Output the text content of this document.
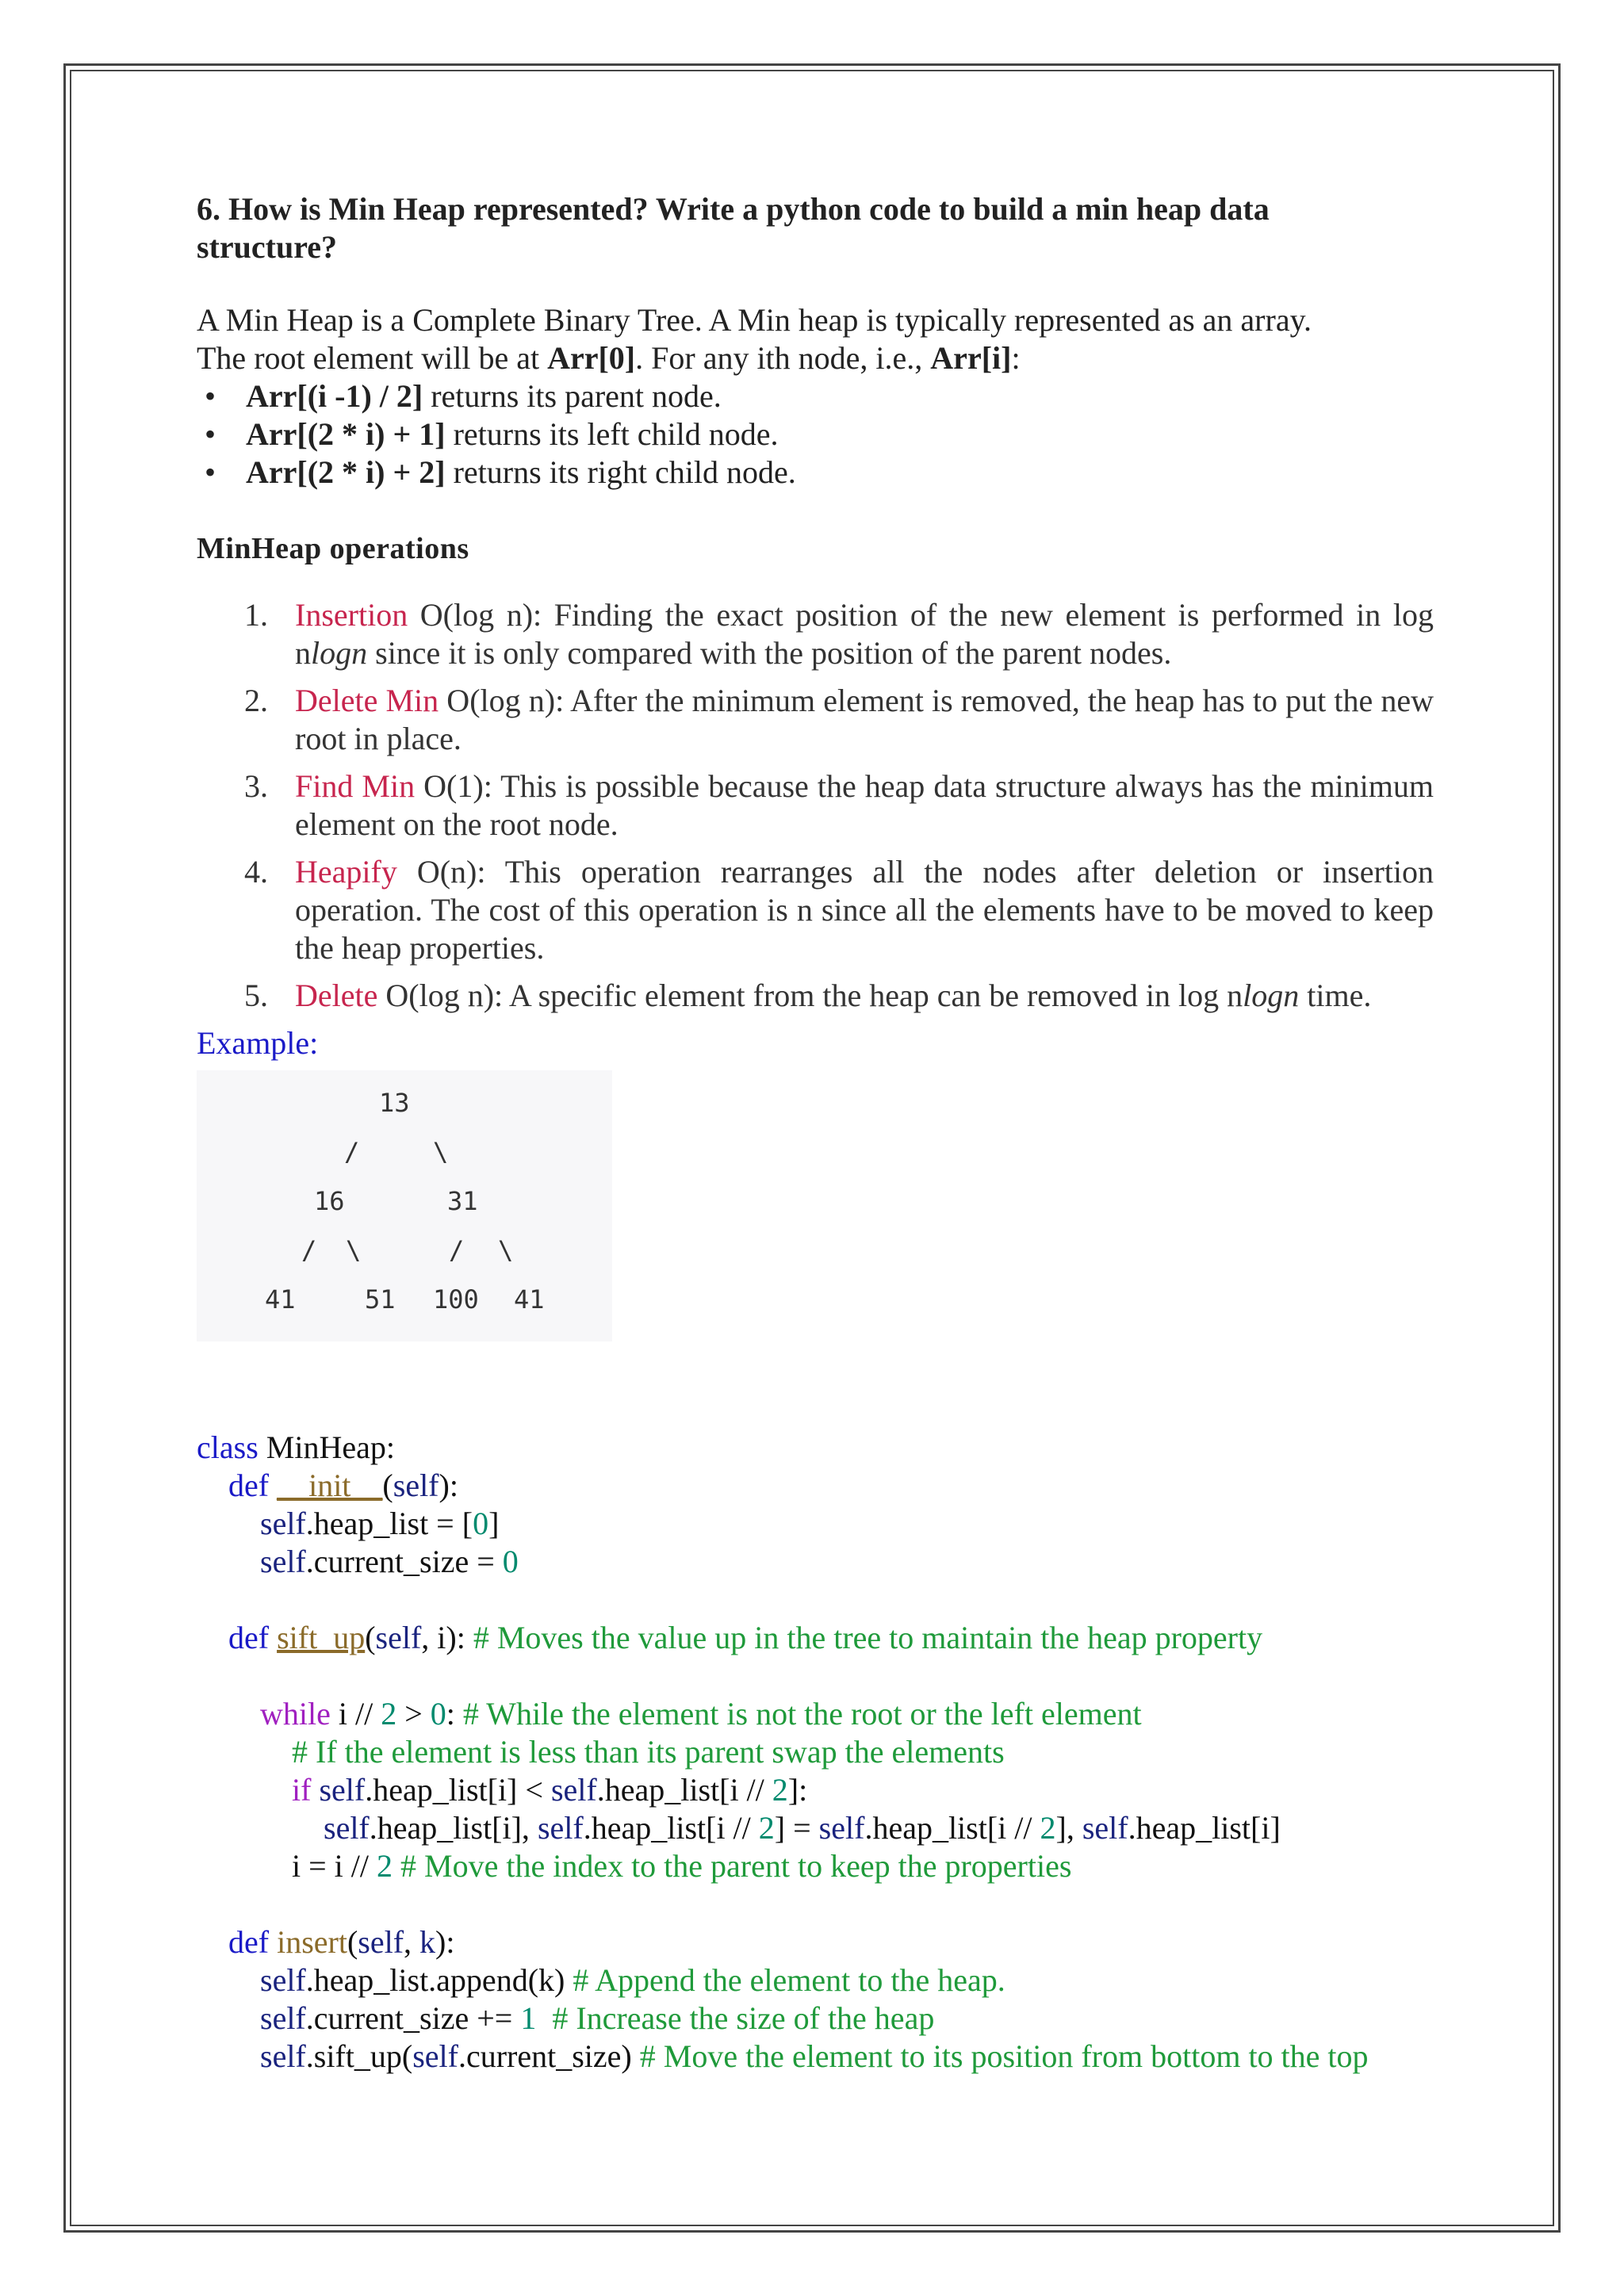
6. How is Min Heap represented? Write a python code to build a min heap data
structure?

A Min Heap is a Complete Binary Tree. A Min heap is typically represented as an array.
The root element will be at Arr[0]. For any ith node, i.e., Arr[i]:

• Arr[(i -1) / 2] returns its parent node.
• Arr[(2 * i) + 1] returns its left child node.
• Arr[(2 * i) + 2] returns its right child node.
MinHeap operations
1. Insertion O(log n): Finding the exact position of the new element is performed in log nlogn since it is only compared with the position of the parent nodes.
2. Delete Min O(log n): After the minimum element is removed, the heap has to put the new root in place.
3. Find Min O(1): This is possible because the heap data structure always has the minimum element on the root node.
4. Heapify O(n): This operation rearranges all the nodes after deletion or insertion operation. The cost of this operation is n since all the elements have to be moved to keep the heap properties.
5. Delete O(log n): A specific element from the heap can be removed in log nlogn time.

Example:

13
/	\
16	31
/ \	/ \
41	51 100 41
class MinHeap:
def __init__(self):
self.heap_list = [0]
self.current_size = 0

def sift_up(self, i): # Moves the value up in the tree to maintain the heap property

while i // 2 > 0: # While the element is not the root or the left element
# If the element is less than its parent swap the elements
if self.heap_list[i] < self.heap_list[i // 2]:
self.heap_list[i], self.heap_list[i // 2] = self.heap_list[i // 2], self.heap_list[i]
i = i // 2 # Move the index to the parent to keep the properties

def insert(self, k):
self.heap_list.append(k) # Append the element to the heap.
self.current_size += 1  # Increase the size of the heap
self.sift_up(self.current_size) # Move the element to its position from bottom to the top
